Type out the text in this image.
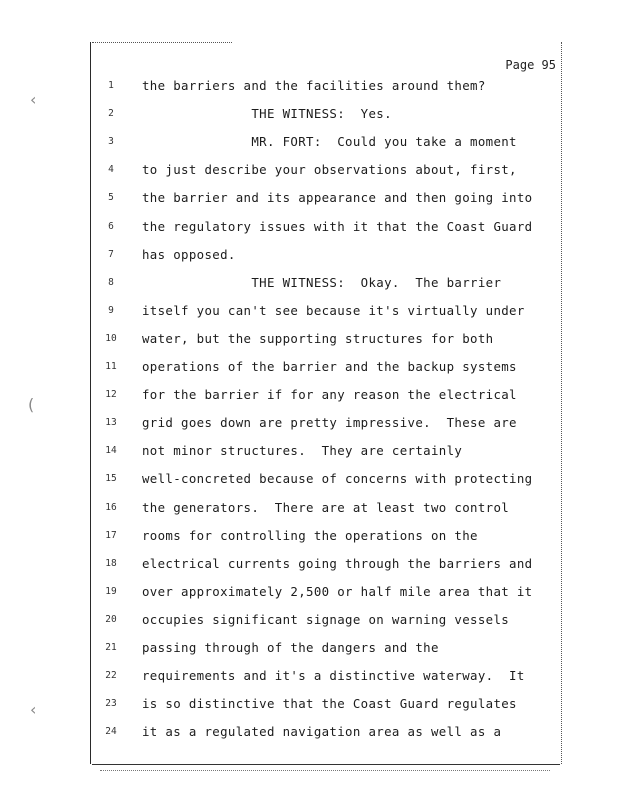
‹
(
‹
Page 95
1	the barriers and the facilities around them?
2	THE WITNESS:  Yes.
3	MR. FORT:  Could you take a moment
4	to just describe your observations about, first,
5	the barrier and its appearance and then going into
6	the regulatory issues with it that the Coast Guard
7	has opposed.
8	THE WITNESS:  Okay.  The barrier
9	itself you can't see because it's virtually under
10	water, but the supporting structures for both
11	operations of the barrier and the backup systems
12	for the barrier if for any reason the electrical
13	grid goes down are pretty impressive.  These are
14	not minor structures.  They are certainly
15	well-concreted because of concerns with protecting
16	the generators.  There are at least two control
17	rooms for controlling the operations on the
18	electrical currents going through the barriers and
19	over approximately 2,500 or half mile area that it
20	occupies significant signage on warning vessels
21	passing through of the dangers and the
22	requirements and it's a distinctive waterway.  It
23	is so distinctive that the Coast Guard regulates
24	it as a regulated navigation area as well as a
